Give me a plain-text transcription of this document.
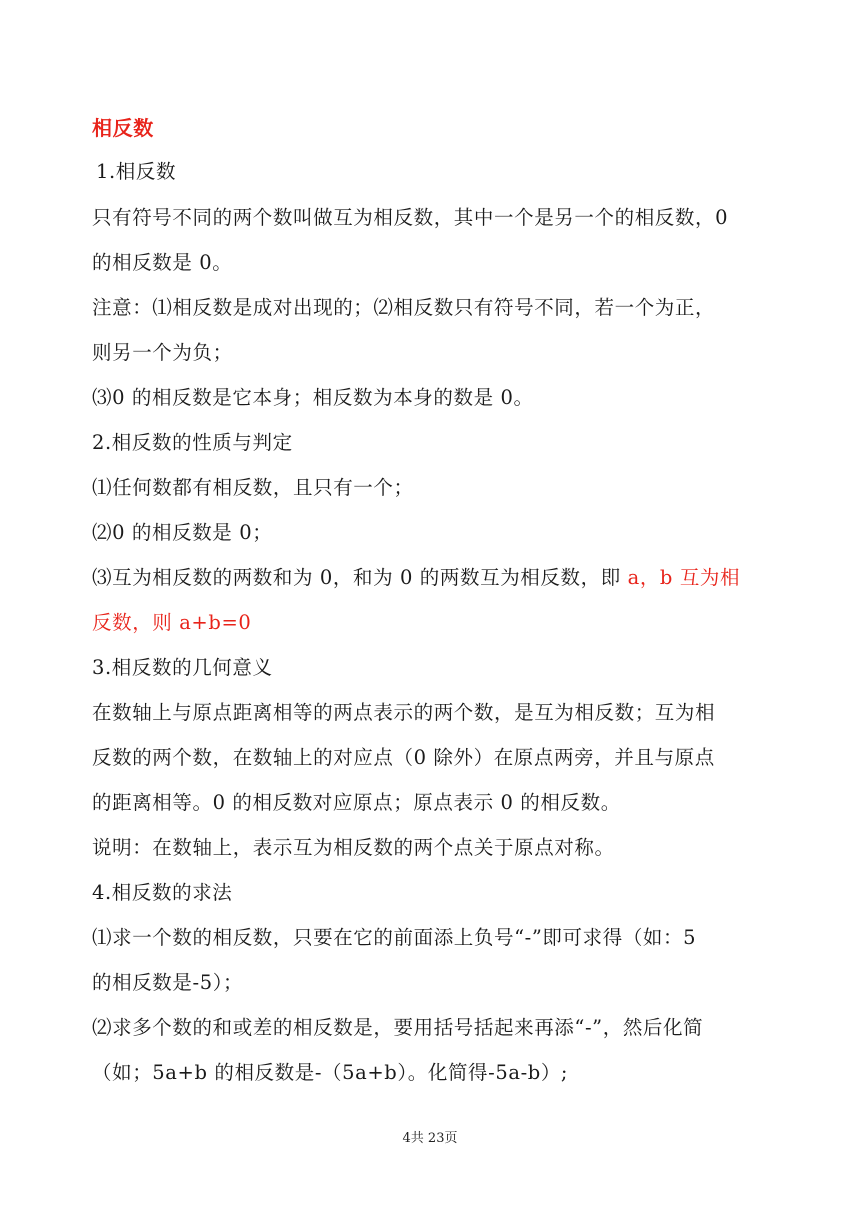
相反数
1.相反数
只有符号不同的两个数叫做互为相反数，其中一个是另一个的相反数，0
的相反数是 0。
注意：⑴相反数是成对出现的；⑵相反数只有符号不同，若一个为正，
则另一个为负；
⑶0 的相反数是它本身；相反数为本身的数是 0。
2.相反数的性质与判定
⑴任何数都有相反数，且只有一个；
⑵0 的相反数是 0；
⑶互为相反数的两数和为 0，和为 0 的两数互为相反数，即 a，b 互为相
反数，则 a+b=0
3.相反数的几何意义
在数轴上与原点距离相等的两点表示的两个数，是互为相反数；互为相
反数的两个数，在数轴上的对应点（0 除外）在原点两旁，并且与原点
的距离相等。0 的相反数对应原点；原点表示 0 的相反数。
说明：在数轴上，表示互为相反数的两个点关于原点对称。
4.相反数的求法
⑴求一个数的相反数，只要在它的前面添上负号“-”即可求得（如：5
的相反数是-5）；
⑵求多个数的和或差的相反数是，要用括号括起来再添“-”，然后化简
（如；5a+b 的相反数是-（5a+b）。化简得-5a-b）;
4共 23页
